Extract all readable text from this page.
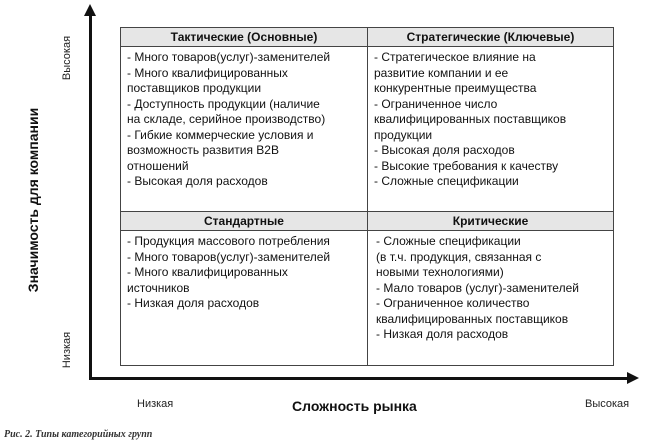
Значимость для компании
Высокая
Низкая
Низкая	Сложность рынка	Высокая
Тактические (Основные)
- Много товаров(услуг)-заменителей
- Много квалифицированных
поставщиков продукции
- Доступность продукции (наличие
на складе, серийное производство)
- Гибкие коммерческие условия и
возможность развития B2B
отношений
- Высокая доля расходов
Стратегические (Ключевые)
- Стратегическое влияние на
развитие компании и ее
конкурентные преимущества
- Ограниченное число
квалифицированных поставщиков
продукции
- Высокая доля расходов
- Высокие требования к качеству
- Сложные спецификации
Стандартные
- Продукция массового потребления
- Много товаров(услуг)-заменителей
- Много квалифицированных
источников
- Низкая доля расходов
Критические
- Сложные спецификации
(в т.ч. продукция, связанная с
новыми технологиями)
- Мало товаров (услуг)-заменителей
- Ограниченное количество
квалифицированных поставщиков
- Низкая доля расходов
Рис. 2. Типы категорийных групп
